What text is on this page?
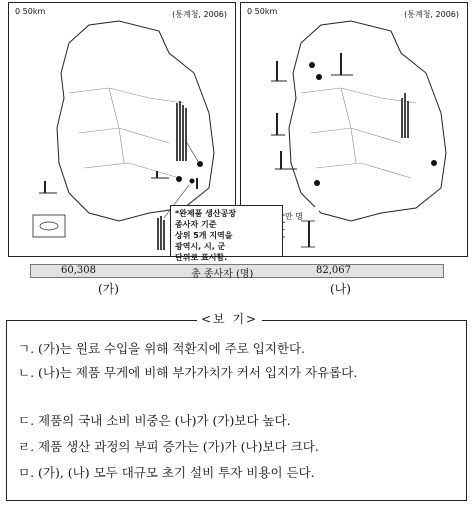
0 50km	(통계청, 2006)	0 50km	(통계청, 2006)
*완제품 생산공장
종사자 기준
상위 5개 지역을
광역시, 시, 군
단위로 표시함.
만 명
60,308	총 종사자 (명)	82,067
(가)	(나)
<보 기>
ㄱ. (가)는 원료 수입을 위해 적환지에 주로 입지한다.
ㄴ. (나)는 제품 무게에 비해 부가가치가 커서 입지가 자유롭다.
ㄷ. 제품의 국내 소비 비중은 (나)가 (가)보다 높다.
ㄹ. 제품 생산 과정의 부피 증가는 (가)가 (나)보다 크다.
ㅁ. (가), (나) 모두 대규모 초기 설비 투자 비용이 든다.
